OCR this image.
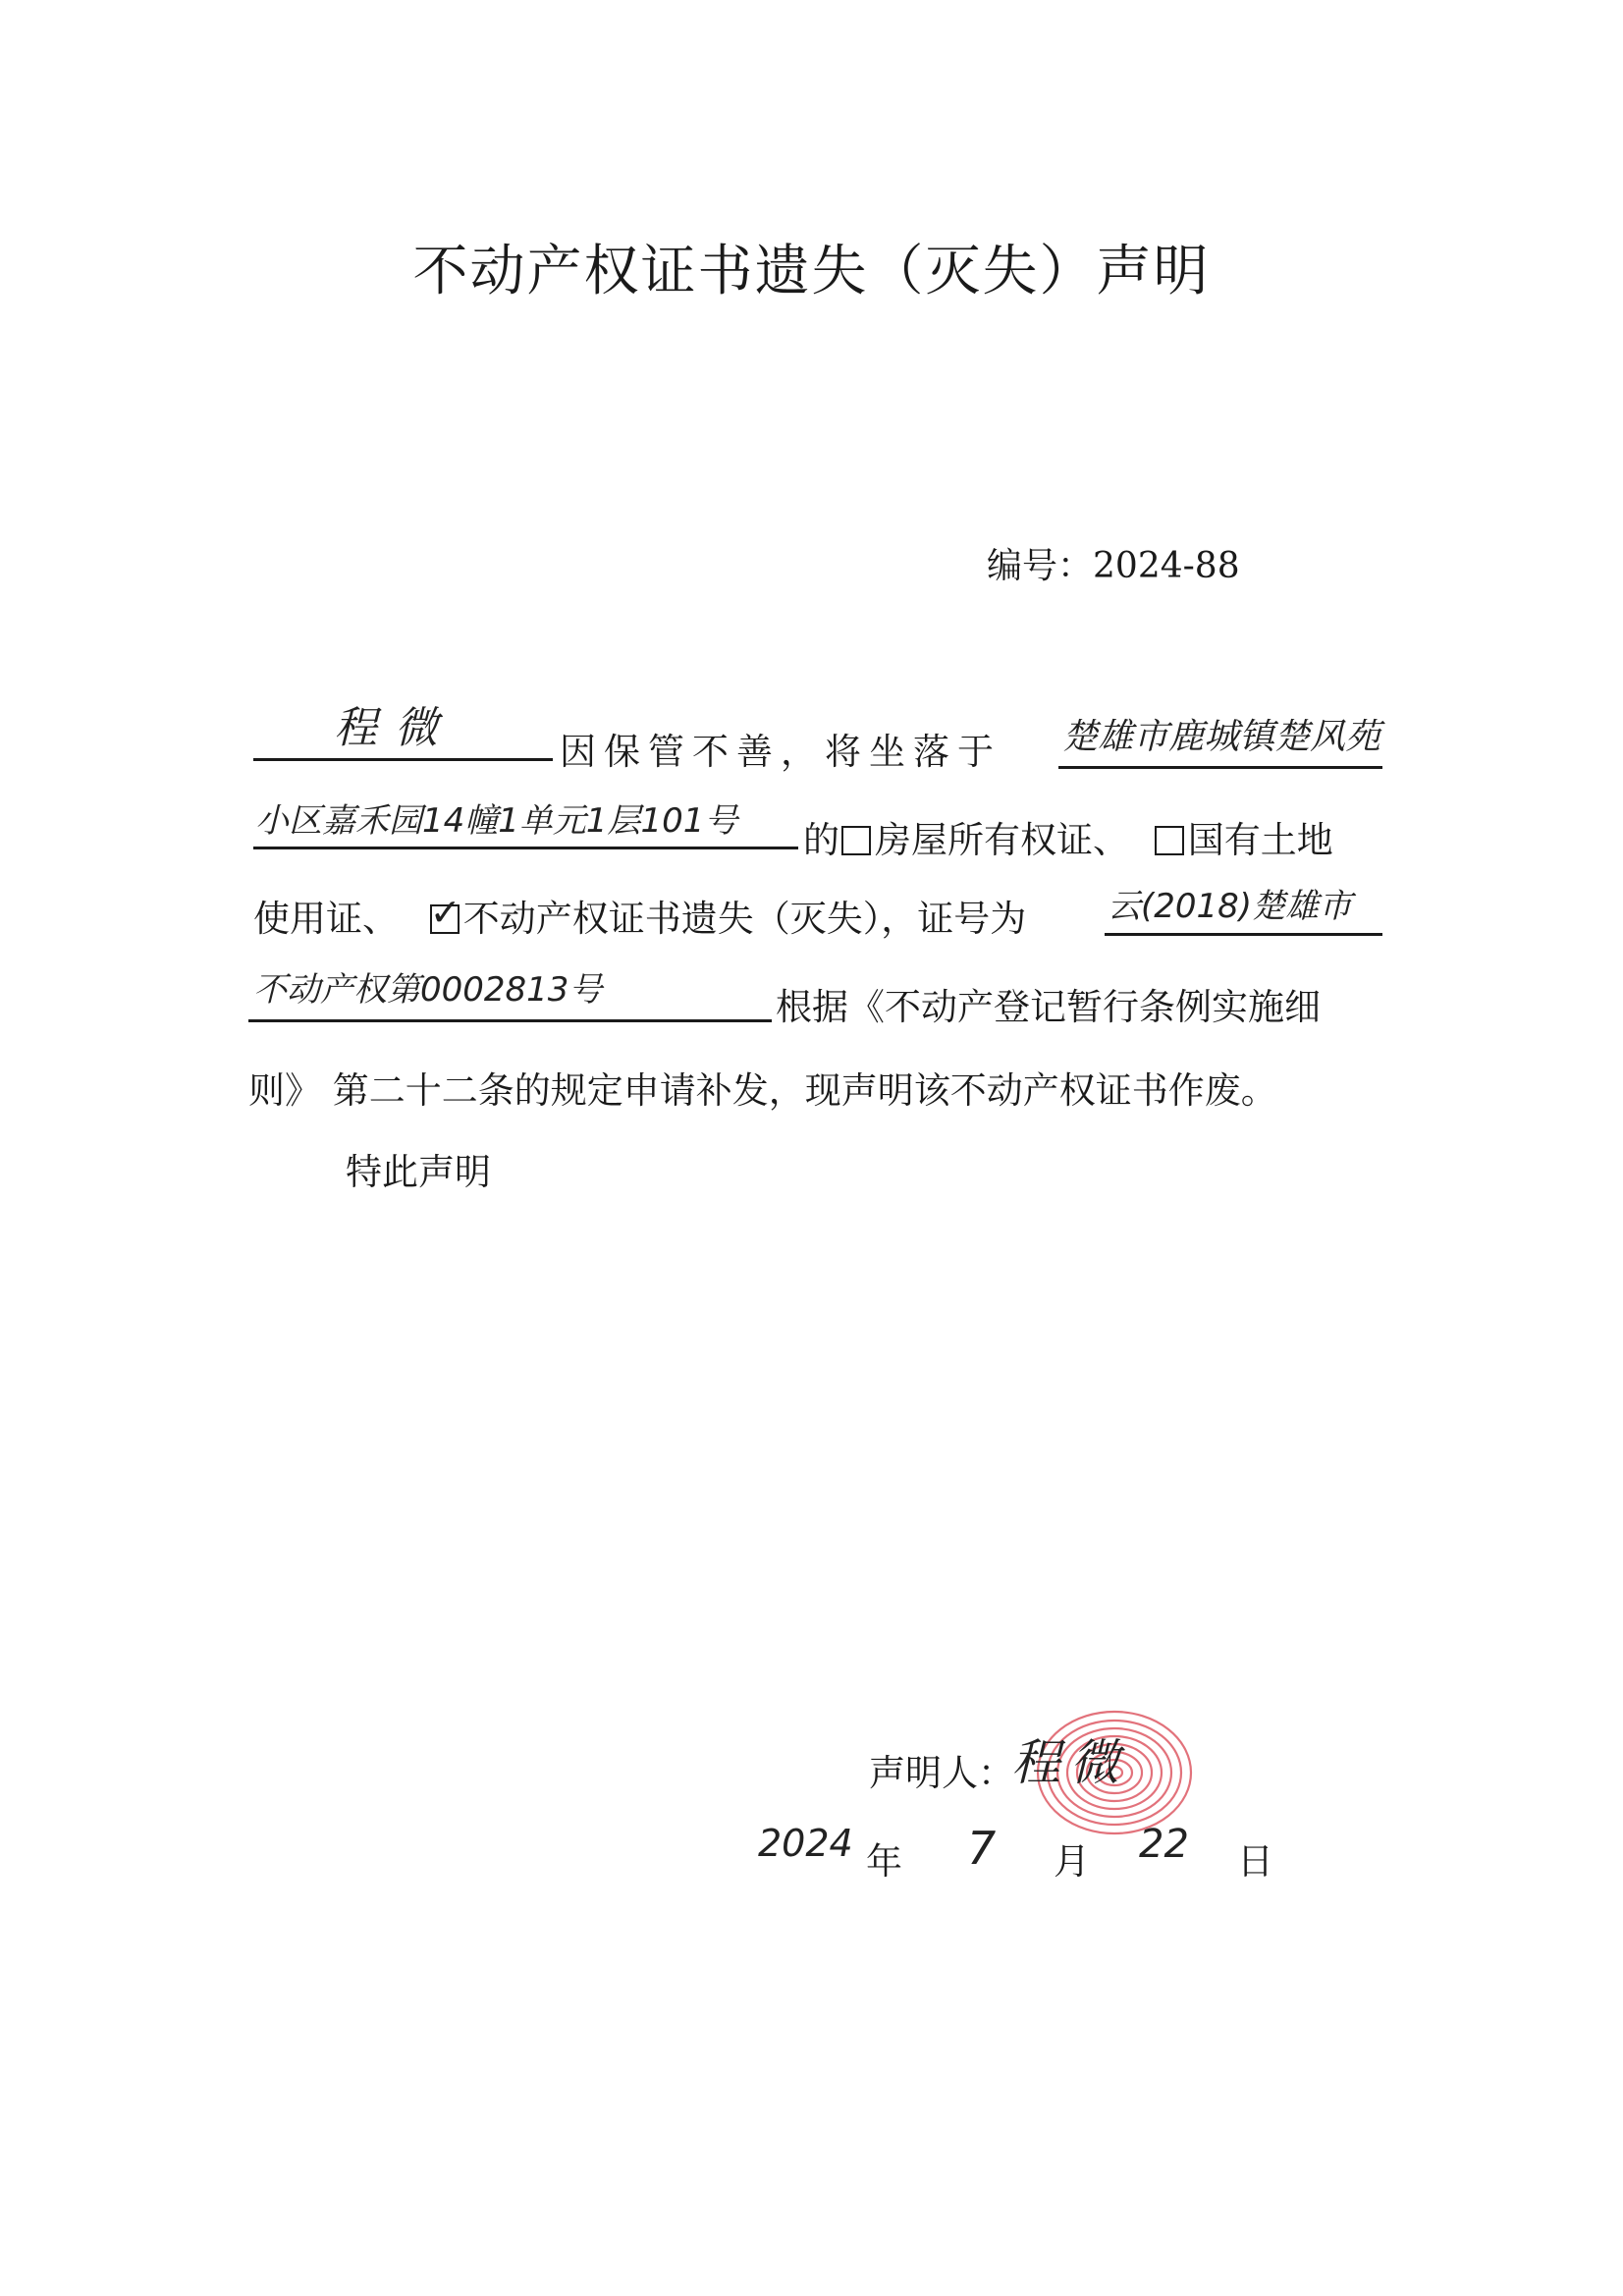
不动产权证书遗失（灭失）声明
编号：2024-88
程微	因保管不善，将坐落于 楚雄市鹿城镇楚风苑
小区嘉禾园14幢1单元1层101号 的 房屋所有权证、 国有土地
使用证、 ✓ 不动产权证书遗失（灭失），证号为 云(2018)楚雄市
不动产权第0002813号	根据《不动产登记暂行条例实施细
则》 第二十二条的规定申请补发，现声明该不动产权证书作废。
特此声明
声明人：
程微
2024 年 7 月 22 日
